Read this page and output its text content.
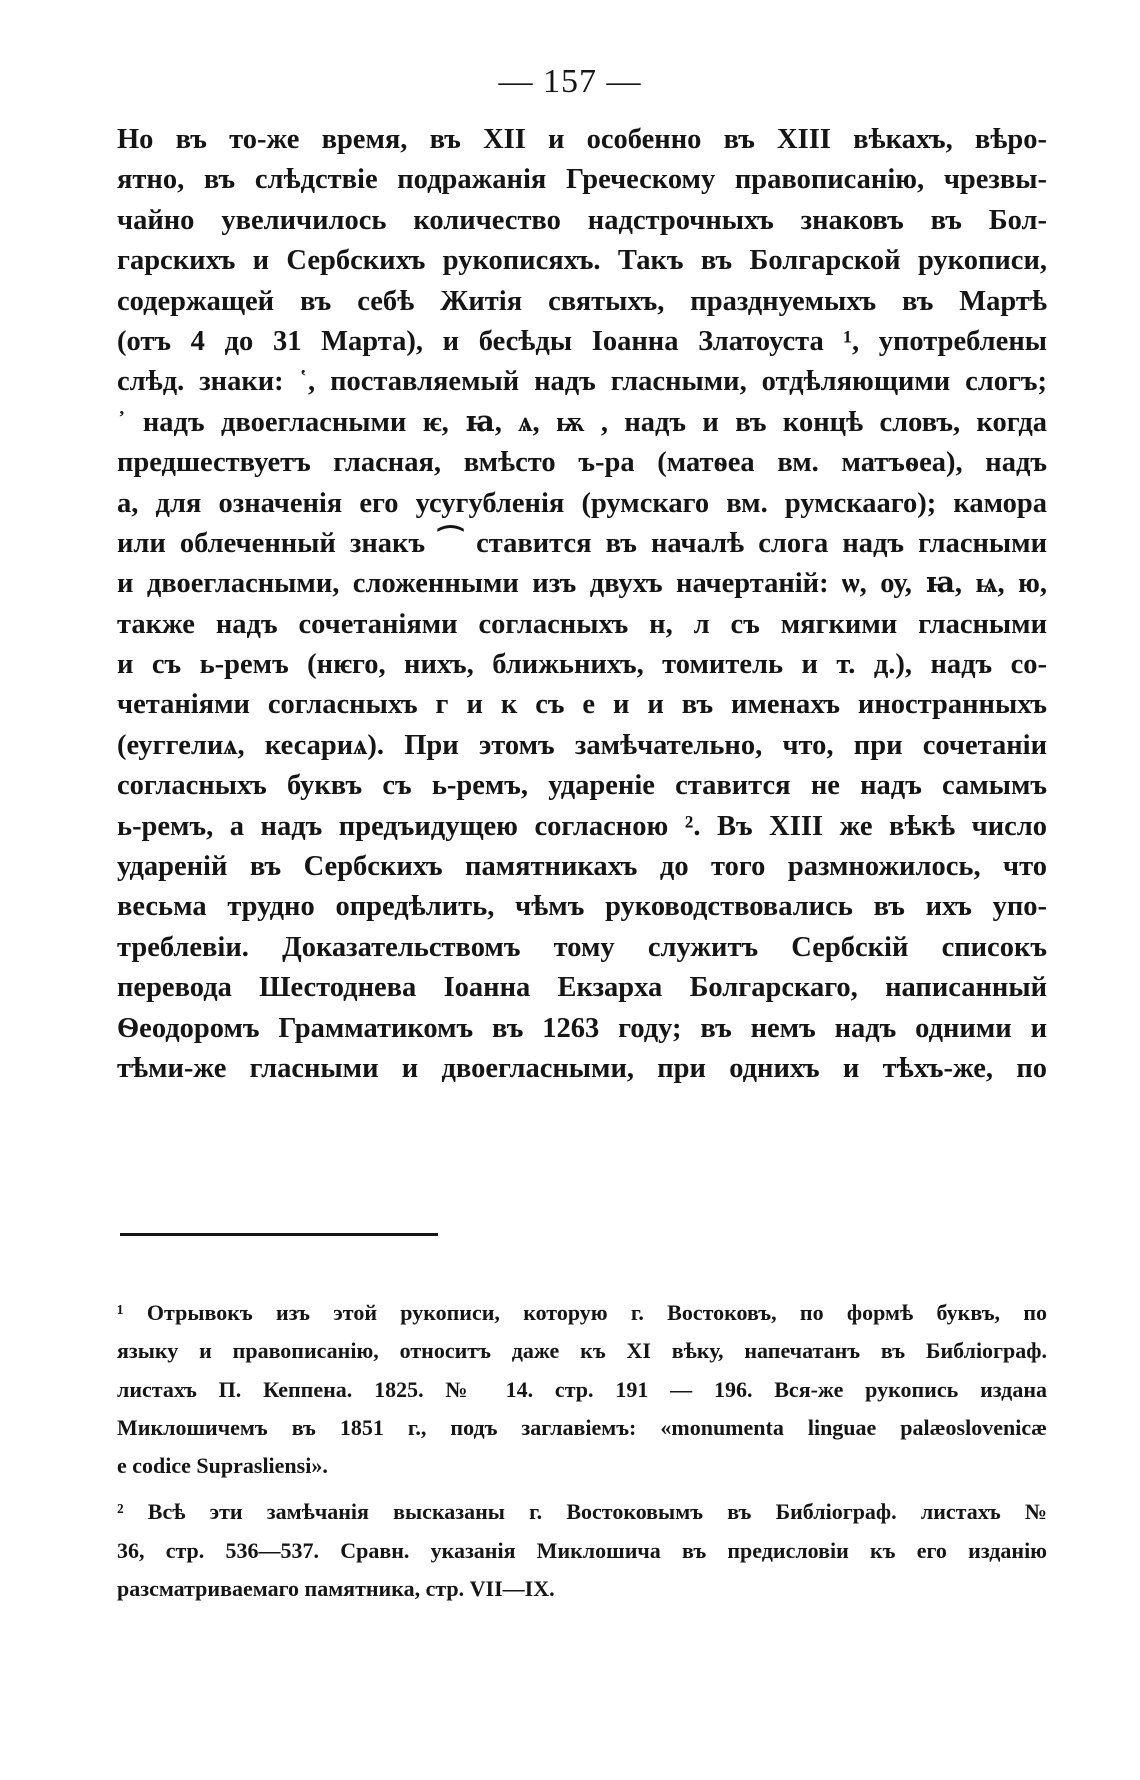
— 157 —
Но въ то-же время, въ XII и особенно въ XIII вѣкахъ, вѣро-
ятно, въ слѣдствіе подражанія Греческому правописанію, чрезвы-
чайно увеличилось количество надстрочныхъ знаковъ въ Бол-
гарскихъ и Сербскихъ рукописяхъ. Такъ въ Болгарской рукописи,
содержащей въ себѣ Житія святыхъ, празднуемыхъ въ Мартѣ
(отъ 4 до 31 Марта), и бесѣды Іоанна Златоуста ¹, употреблены
слѣд. знаки: ῾, поставляемый надъ гласными, отдѣляющими слогъ;
᾿ надъ двоегласными ѥ, ꙗ, ѧ, ѭ , надъ и въ концѣ словъ, когда
предшествуетъ гласная, вмѣсто ъ-ра (матѳеа вм. матъѳеа), надъ
а, для означенія его усугубленія (румскаго вм. румскааго); камора
или облеченный знакъ ⁀ ставится въ началѣ слога надъ гласными
и двоегласными, сложенными изъ двухъ начертаній: ѡ, оу, ꙗ, ѩ, ю,
также надъ сочетаніями согласныхъ н, л съ мягкими гласными
и съ ь-ремъ (нѥго, нихъ, ближьнихъ, томитель и т. д.), надъ со-
четаніями согласныхъ г и к съ е и и въ именахъ иностранныхъ
(еуггелиѧ, кесариѧ). При этомъ замѣчательно, что, при сочетаніи
согласныхъ буквъ съ ь-ремъ, удареніе ставится не надъ самымъ
ь-ремъ, а надъ предъидущею согласною ². Въ XIII же вѣкѣ число
удареній въ Сербскихъ памятникахъ до того размножилось, что
весьма трудно опредѣлить, чѣмъ руководствовались въ ихъ упо-
треблевіи. Доказательствомъ тому служитъ Сербскій списокъ
перевода Шестоднева Іоанна Екзарха Болгарскаго, написанный
Ѳеодоромъ Грамматикомъ въ 1263 году; въ немъ надъ одними и
тѣми-же гласными и двоегласными, при однихъ и тѣхъ-же, по
¹ Отрывокъ изъ этой рукописи, которую г. Востоковъ, по формѣ буквъ, по
языку и правописанію, относитъ даже къ XI вѣку, напечатанъ въ Библіограф.
листахъ П. Кеппена. 1825. № 14. стр. 191 — 196. Вся-же рукопись издана
Миклошичемъ въ 1851 г., подъ заглавіемъ: «monumenta linguae palæoslovenicæ
e codice Suprasliensi».
² Всѣ эти замѣчанія высказаны г. Востоковымъ въ Библіограф. листахъ №
36, стр. 536—537. Сравн. указанія Миклошича въ предисловіи къ его изданію
разсматриваемаго памятника, стр. VII—IX.
